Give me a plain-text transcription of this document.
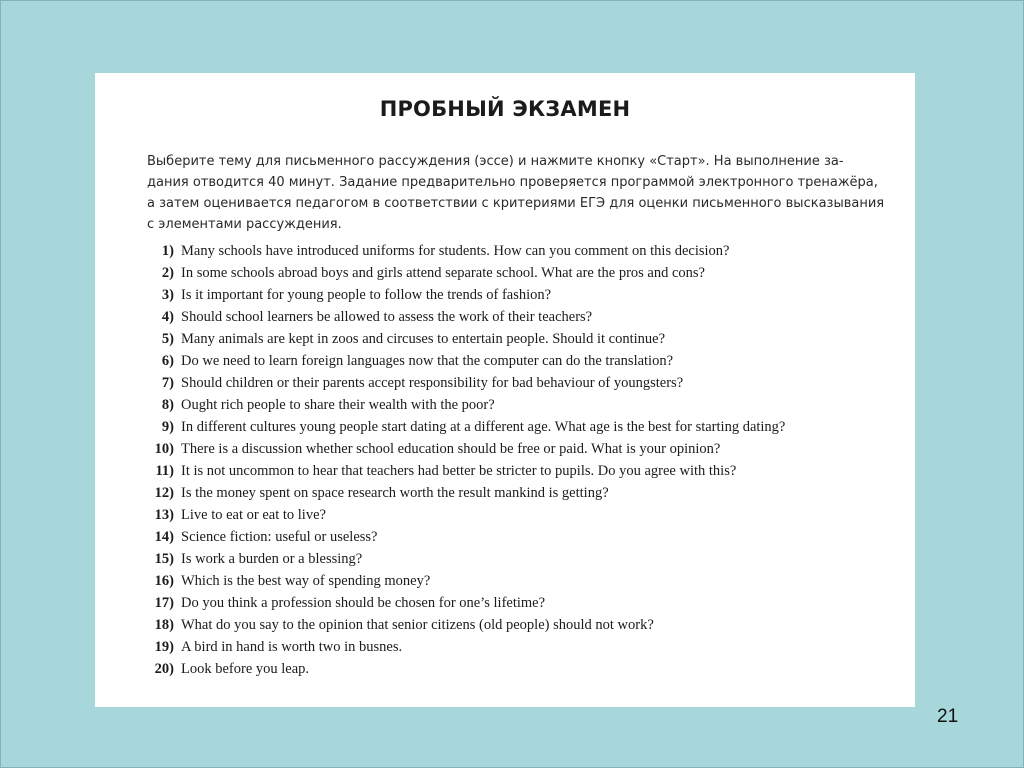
ПРОБНЫЙ ЭКЗАМЕН

Выберите тему для письменного рассуждения (эссе) и нажмите кнопку «Старт». На выполнение за-
дания отводится 40 минут. Задание предварительно проверяется программой электронного тренажёра,
а затем оценивается педагогом в соответствии с критериями ЕГЭ для оценки письменного высказывания
с элементами рассуждения.

1) Many schools have introduced uniforms for students. How can you comment on this decision?
2) In some schools abroad boys and girls attend separate school. What are the pros and cons?
3) Is it important for young people to follow the trends of fashion?
4) Should school learners be allowed to assess the work of their teachers?
5) Many animals are kept in zoos and circuses to entertain people. Should it continue?
6) Do we need to learn foreign languages now that the computer can do the translation?
7) Should children or their parents accept responsibility for bad behaviour of youngsters?
8) Ought rich people to share their wealth with the poor?
9) In different cultures young people start dating at a different age. What age is the best for starting dating?
10) There is a discussion whether school education should be free or paid. What is your opinion?
11) It is not uncommon to hear that teachers had better be stricter to pupils. Do you agree with this?
12) Is the money spent on space research worth the result mankind is getting?
13) Live to eat or eat to live?
14) Science fiction: useful or useless?
15) Is work a burden or a blessing?
16) Which is the best way of spending money?
17) Do you think a profession should be chosen for one’s lifetime?
18) What do you say to the opinion that senior citizens (old people) should not work?
19) A bird in hand is worth two in busnes.
20) Look before you leap.
21
